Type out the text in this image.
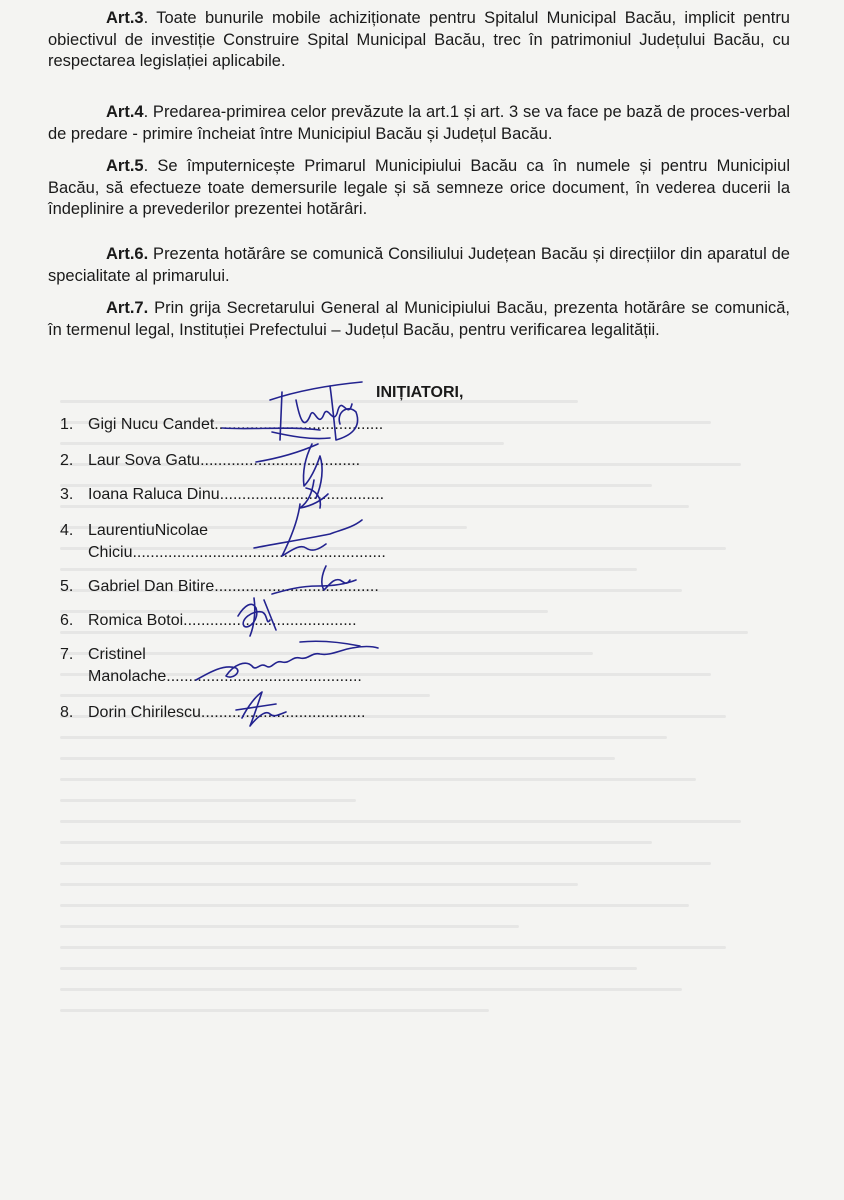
Art.3. Toate bunurile mobile achiziționate pentru Spitalul Municipal Bacău, implicit pentru obiectivul de investiție Construire Spital Municipal Bacău, trec în patrimoniul Județului Bacău, cu respectarea legislației aplicabile.

Art.4. Predarea-primirea celor prevăzute la art.1 și art. 3 se va face pe bază de proces-verbal de predare - primire încheiat între Municipiul Bacău și Județul Bacău.

Art.5. Se împuternicește Primarul Municipiului Bacău ca în numele și pentru Municipiul Bacău, să efectueze toate demersurile legale și să semneze orice document, în vederea ducerii la îndeplinire a prevederilor prezentei hotărâri.

Art.6. Prezenta hotărâre se comunică Consiliului Județean Bacău și direcțiilor din aparatul de specialitate al primarului.

Art.7. Prin grija Secretarului General al Municipiului Bacău, prezenta hotărâre se comunică, în termenul legal, Instituției Prefectului – Județul Bacău, pentru verificarea legalității.

INIȚIATORI,

1. Gigi Nucu Candet......................................
2. Laur Sova Gatu....................................
3. Ioana Raluca Dinu.....................................
4. LaurentiuNicolae
Chiciu.........................................................
5. Gabriel Dan Bitire.....................................
6. Romica Botoi.......................................
7. Cristinel
Manolache............................................
8. Dorin Chirilescu.....................................
